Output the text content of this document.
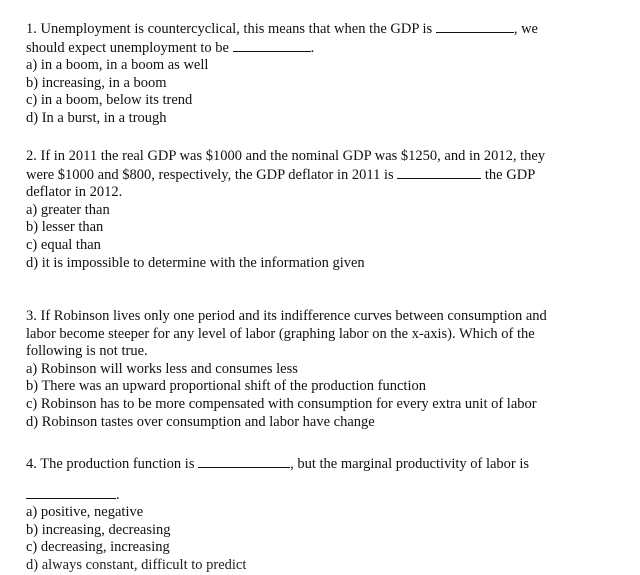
1. Unemployment is countercyclical, this means that when the GDP is	, we
should expect unemployment to be	.
a) in a boom, in a boom as well
b) increasing, in a boom
c) in a boom, below its trend
d) In a burst, in a trough
2. If in 2011 the real GDP was $1000 and the nominal GDP was $1250, and in 2012, they
were $1000 and $800, respectively, the GDP deflator in 2011 is	the GDP
deflator in 2012.
a) greater than
b) lesser than
c) equal than
d) it is impossible to determine with the information given
3. If Robinson lives only one period and its indifference curves between consumption and
labor become steeper for any level of labor (graphing labor on the x-axis). Which of the
following is not true.
a) Robinson will works less and consumes less
b) There was an upward proportional shift of the production function
c) Robinson has to be more compensated with consumption for every extra unit of labor
d) Robinson tastes over consumption and labor have change
4. The production function is	, but the marginal productivity of labor is
.
a) positive, negative
b) increasing, decreasing
c) decreasing, increasing
d) always constant, difficult to predict
